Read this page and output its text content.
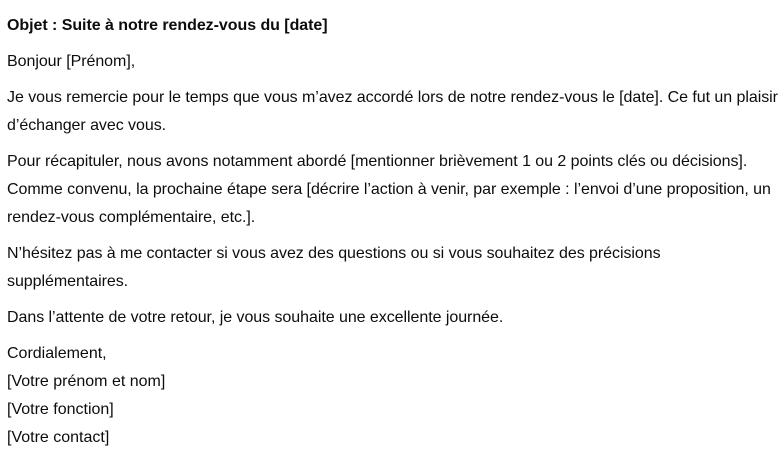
Objet : Suite à notre rendez-vous du [date]

Bonjour [Prénom],

Je vous remercie pour le temps que vous m’avez accordé lors de notre rendez-vous le [date]. Ce fut un plaisir d’échanger avec vous.

Pour récapituler, nous avons notamment abordé [mentionner brièvement 1 ou 2 points clés ou décisions]. Comme convenu, la prochaine étape sera [décrire l’action à venir, par exemple : l’envoi d’une proposition, un rendez-vous complémentaire, etc.].

N’hésitez pas à me contacter si vous avez des questions ou si vous souhaitez des précisions supplémentaires.

Dans l’attente de votre retour, je vous souhaite une excellente journée.

Cordialement,
[Votre prénom et nom]
[Votre fonction]
[Votre contact]
